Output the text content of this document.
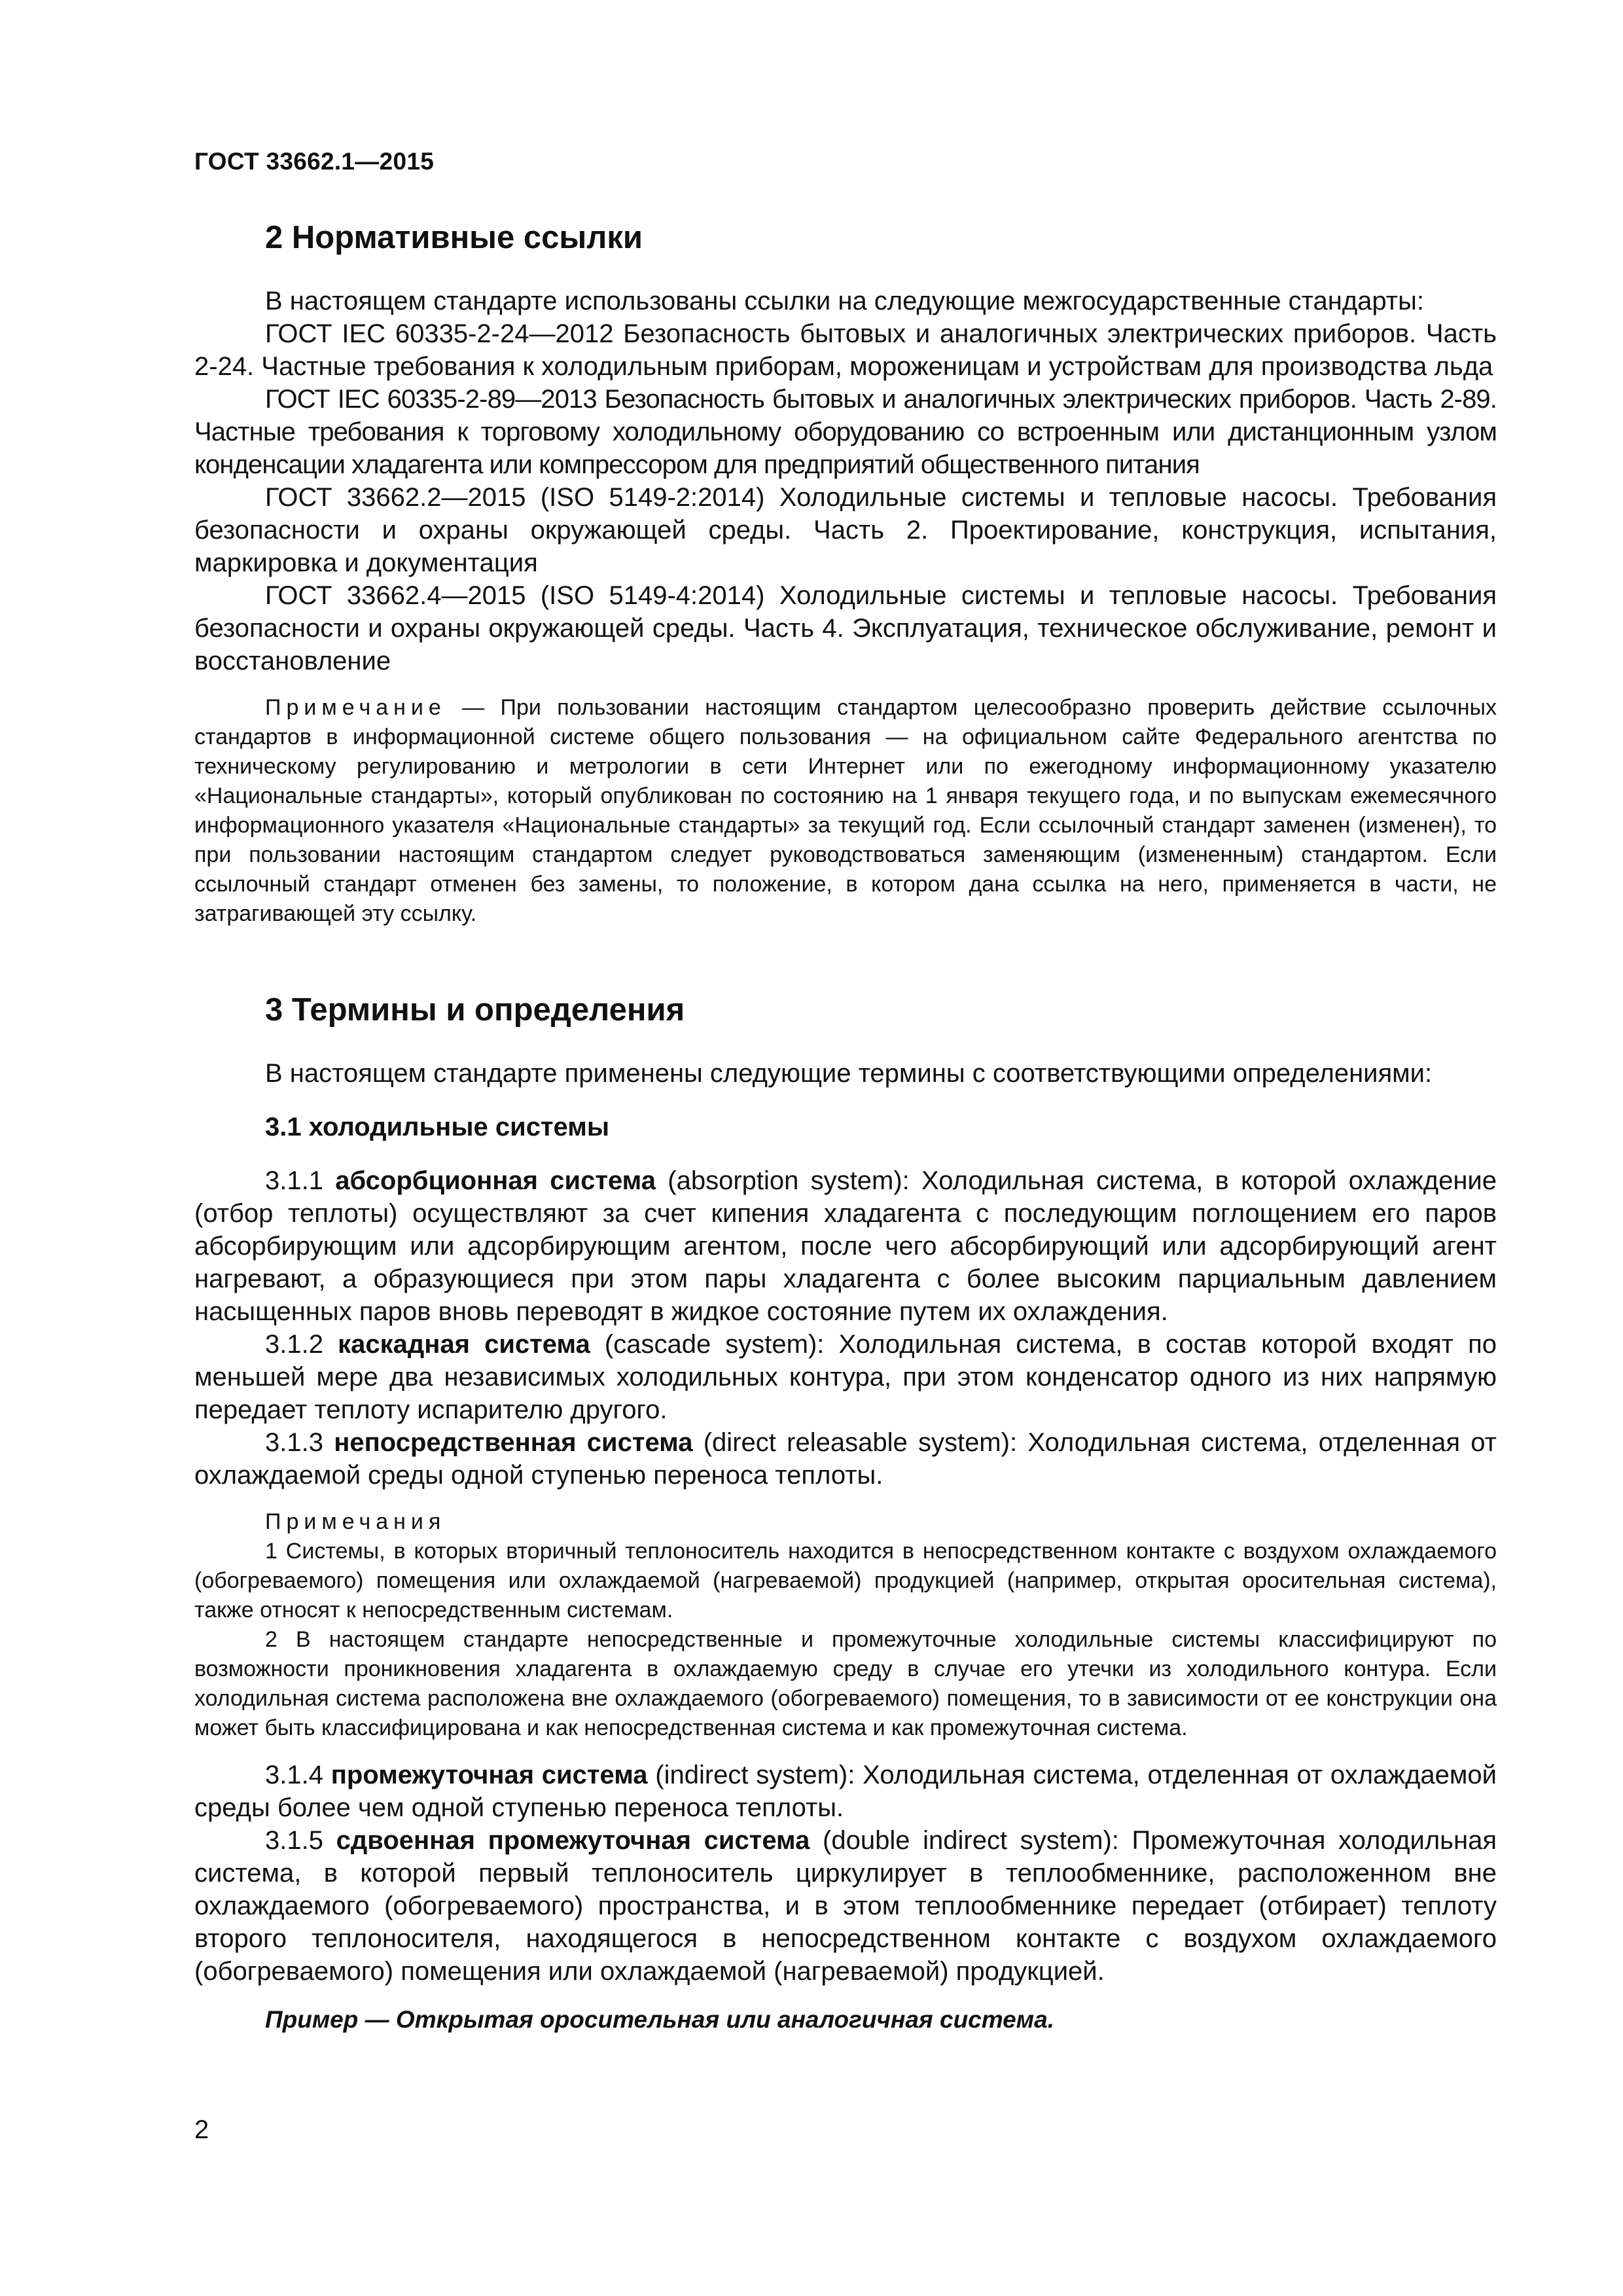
ГОСТ 33662.1—2015
2 Нормативные ссылки

В настоящем стандарте использованы ссылки на следующие межгосударственные стандарты:

ГОСТ IEC 60335-2-24—2012 Безопасность бытовых и аналогичных электрических приборов. Часть 2-24. Частные требования к холодильным приборам, мороженицам и устройствам для производства льда

ГОСТ IEC 60335-2-89—2013 Безопасность бытовых и аналогичных электрических приборов. Часть 2-89. Частные требования к торговому холодильному оборудованию со встроенным или дистанционным узлом конденсации хладагента или компрессором для предприятий общественного питания

ГОСТ 33662.2—2015 (ISO 5149-2:2014) Холодильные системы и тепловые насосы. Требования безопасности и охраны окружающей среды. Часть 2. Проектирование, конструкция, испытания, маркировка и документация

ГОСТ 33662.4—2015 (ISO 5149-4:2014) Холодильные системы и тепловые насосы. Требования безопасности и охраны окружающей среды. Часть 4. Эксплуатация, техническое обслуживание, ремонт и восстановление

Примечание — При пользовании настоящим стандартом целесообразно проверить действие ссылочных стандартов в информационной системе общего пользования — на официальном сайте Федерального агентства по техническому регулированию и метрологии в сети Интернет или по ежегодному информационному указателю «Национальные стандарты», который опубликован по состоянию на 1 января текущего года, и по выпускам ежемесячного информационного указателя «Национальные стандарты» за текущий год. Если ссылочный стандарт заменен (изменен), то при пользовании настоящим стандартом следует руководствоваться заменяющим (измененным) стандартом. Если ссылочный стандарт отменен без замены, то положение, в котором дана ссылка на него, применяется в части, не затрагивающей эту ссылку.

3 Термины и определения

В настоящем стандарте применены следующие термины с соответствующими определениями:

3.1 холодильные системы

3.1.1 абсорбционная система (absorption system): Холодильная система, в которой охлаждение (отбор теплоты) осуществляют за счет кипения хладагента с последующим поглощением его паров абсорбирующим или адсорбирующим агентом, после чего абсорбирующий или адсорбирующий агент нагревают, а образующиеся при этом пары хладагента с более высоким парциальным давлением насыщенных паров вновь переводят в жидкое состояние путем их охлаждения.

3.1.2 каскадная система (cascade system): Холодильная система, в состав которой входят по меньшей мере два независимых холодильных контура, при этом конденсатор одного из них напрямую передает теплоту испарителю другого.

3.1.3 непосредственная система (direct releasable system): Холодильная система, отделенная от охлаждаемой среды одной ступенью переноса теплоты.

Примечания

1 Системы, в которых вторичный теплоноситель находится в непосредственном контакте с воздухом охлаждаемого (обогреваемого) помещения или охлаждаемой (нагреваемой) продукцией (например, открытая оросительная система), также относят к непосредственным системам.

2 В настоящем стандарте непосредственные и промежуточные холодильные системы классифицируют по возможности проникновения хладагента в охлаждаемую среду в случае его утечки из холодильного контура. Если холодильная система расположена вне охлаждаемого (обогреваемого) помещения, то в зависимости от ее конструкции она может быть классифицирована и как непосредственная система и как промежуточная система.

3.1.4 промежуточная система (indirect system): Холодильная система, отделенная от охлаждаемой среды более чем одной ступенью переноса теплоты.

3.1.5 сдвоенная промежуточная система (double indirect system): Промежуточная холодильная система, в которой первый теплоноситель циркулирует в теплообменнике, расположенном вне охлаждаемого (обогреваемого) пространства, и в этом теплообменнике передает (отбирает) теплоту второго теплоносителя, находящегося в непосредственном контакте с воздухом охлаждаемого (обогреваемого) помещения или охлаждаемой (нагреваемой) продукцией.

Пример — Открытая оросительная или аналогичная система.
2
